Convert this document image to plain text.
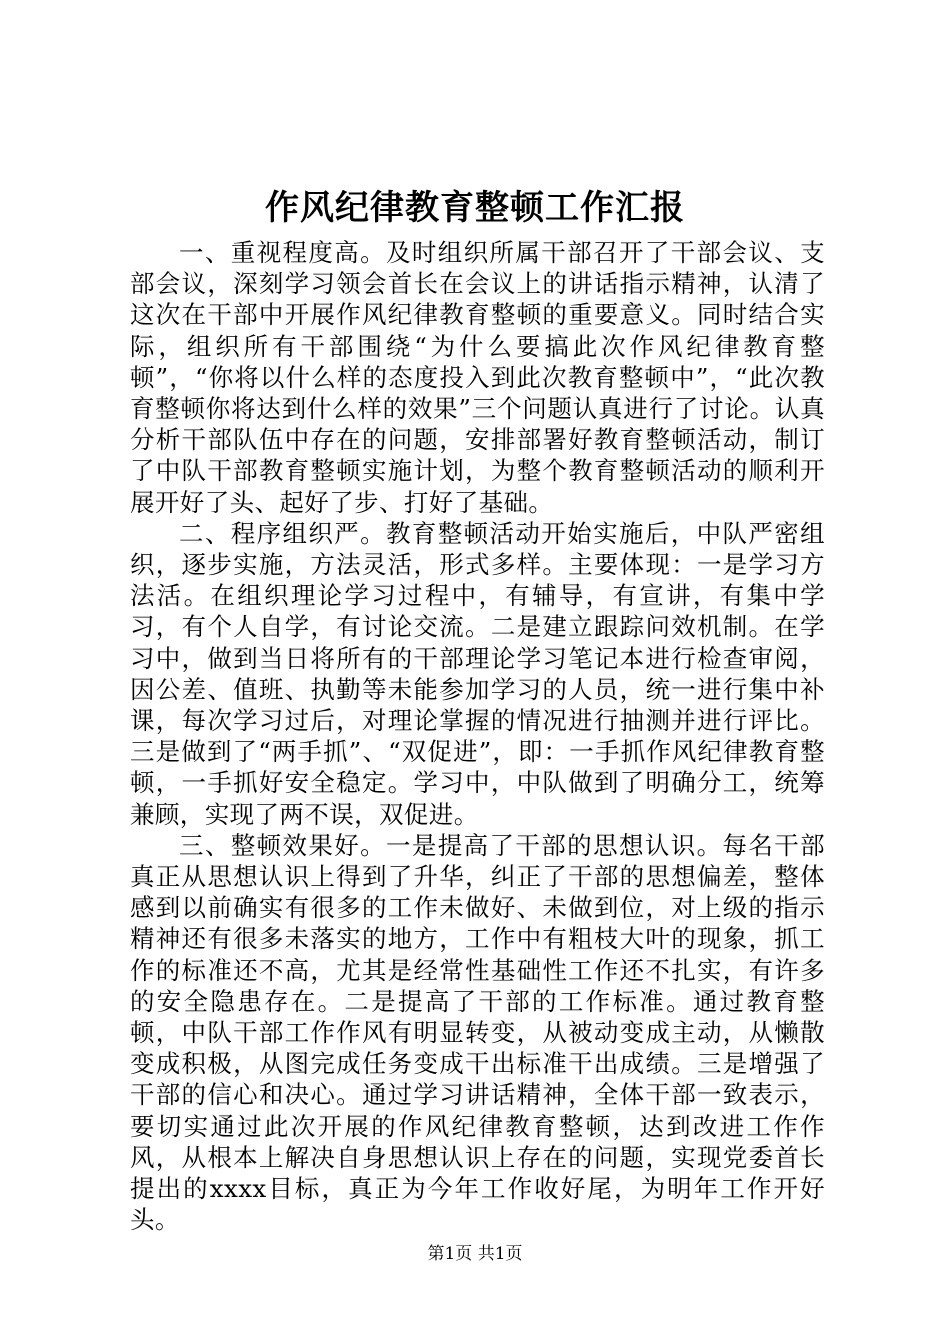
作风纪律教育整顿工作汇报

一、重视程度高。及时组织所属干部召开了干部会议、支部会议，深刻学习领会首长在会议上的讲话指示精神，认清了这次在干部中开展作风纪律教育整顿的重要意义。同时结合实际，组织所有干部围绕“为什么要搞此次作风纪律教育整顿”，“你将以什么样的态度投入到此次教育整顿中”，“此次教育整顿你将达到什么样的效果”三个问题认真进行了讨论。认真分析干部队伍中存在的问题，安排部署好教育整顿活动，制订了中队干部教育整顿实施计划，为整个教育整顿活动的顺利开展开好了头、起好了步、打好了基础。

二、程序组织严。教育整顿活动开始实施后，中队严密组织，逐步实施，方法灵活，形式多样。主要体现：一是学习方法活。在组织理论学习过程中，有辅导，有宣讲，有集中学习，有个人自学，有讨论交流。二是建立跟踪问效机制。在学习中，做到当日将所有的干部理论学习笔记本进行检查审阅，因公差、值班、执勤等未能参加学习的人员，统一进行集中补课，每次学习过后，对理论掌握的情况进行抽测并进行评比。三是做到了“两手抓”、“双促进”，即：一手抓作风纪律教育整顿，一手抓好安全稳定。学习中，中队做到了明确分工，统筹兼顾，实现了两不误，双促进。

三、整顿效果好。一是提高了干部的思想认识。每名干部真正从思想认识上得到了升华，纠正了干部的思想偏差，整体感到以前确实有很多的工作未做好、未做到位，对上级的指示精神还有很多未落实的地方，工作中有粗枝大叶的现象，抓工作的标准还不高，尤其是经常性基础性工作还不扎实，有许多的安全隐患存在。二是提高了干部的工作标准。通过教育整顿，中队干部工作作风有明显转变，从被动变成主动，从懒散变成积极，从图完成任务变成干出标准干出成绩。三是增强了干部的信心和决心。通过学习讲话精神，全体干部一致表示，要切实通过此次开展的作风纪律教育整顿，达到改进工作作风，从根本上解决自身思想认识上存在的问题，实现党委首长提出的xxxx目标，真正为今年工作收好尾，为明年工作开好头。

第1页 共1页
